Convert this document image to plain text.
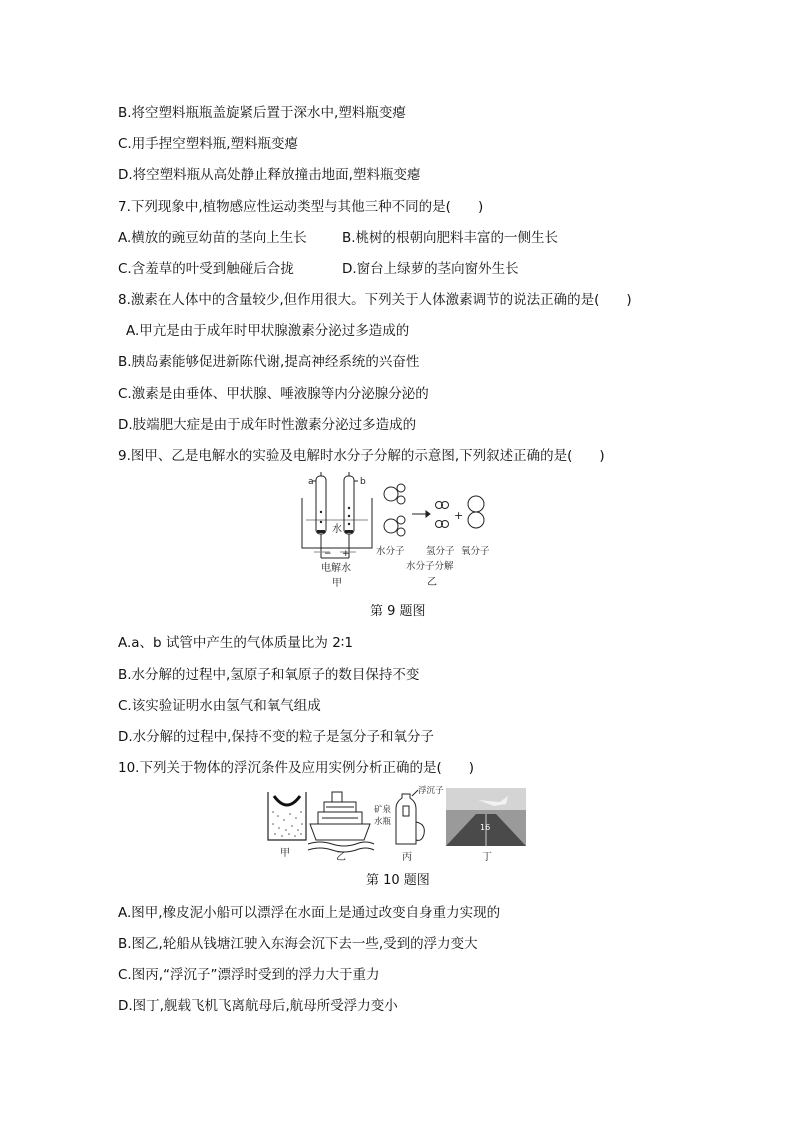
B.将空塑料瓶瓶盖旋紧后置于深水中,塑料瓶变瘪
C.用手捏空塑料瓶,塑料瓶变瘪
D.将空塑料瓶从高处静止释放撞击地面,塑料瓶变瘪
7.下列现象中,植物感应性运动类型与其他三种不同的是(　　)
A.横放的豌豆幼苗的茎向上生长	B.桃树的根朝向肥料丰富的一侧生长
C.含羞草的叶受到触碰后合拢	D.窗台上绿萝的茎向窗外生长
8.激素在人体中的含量较少,但作用很大。下列关于人体激素调节的说法正确的是(　　)
A.甲亢是由于成年时甲状腺激素分泌过多造成的
B.胰岛素能够促进新陈代谢,提高神经系统的兴奋性
C.激素是由垂体、甲状腺、唾液腺等内分泌腺分泌的
D.肢端肥大症是由于成年时性激素分泌过多造成的
9.图甲、乙是电解水的实验及电解时水分子分解的示意图,下列叙述正确的是(　　)
a	b
水
− +
电解水
甲
水分子
+
氢分子 氧分子
水分子分解
乙
第 9 题图
A.a、b 试管中产生的气体质量比为 2∶1
B.水分解的过程中,氢原子和氧原子的数目保持不变
C.该实验证明水由氢气和氧气组成
D.水分解的过程中,保持不变的粒子是氢分子和氧分子
10.下列关于物体的浮沉条件及应用实例分析正确的是(　　)
甲	乙
浮沉子
矿泉
水瓶
丙
16
丁
第 10 题图
A.图甲,橡皮泥小船可以漂浮在水面上是通过改变自身重力实现的
B.图乙,轮船从钱塘江驶入东海会沉下去一些,受到的浮力变大
C.图丙,“浮沉子”漂浮时受到的浮力大于重力
D.图丁,舰载飞机飞离航母后,航母所受浮力变小
